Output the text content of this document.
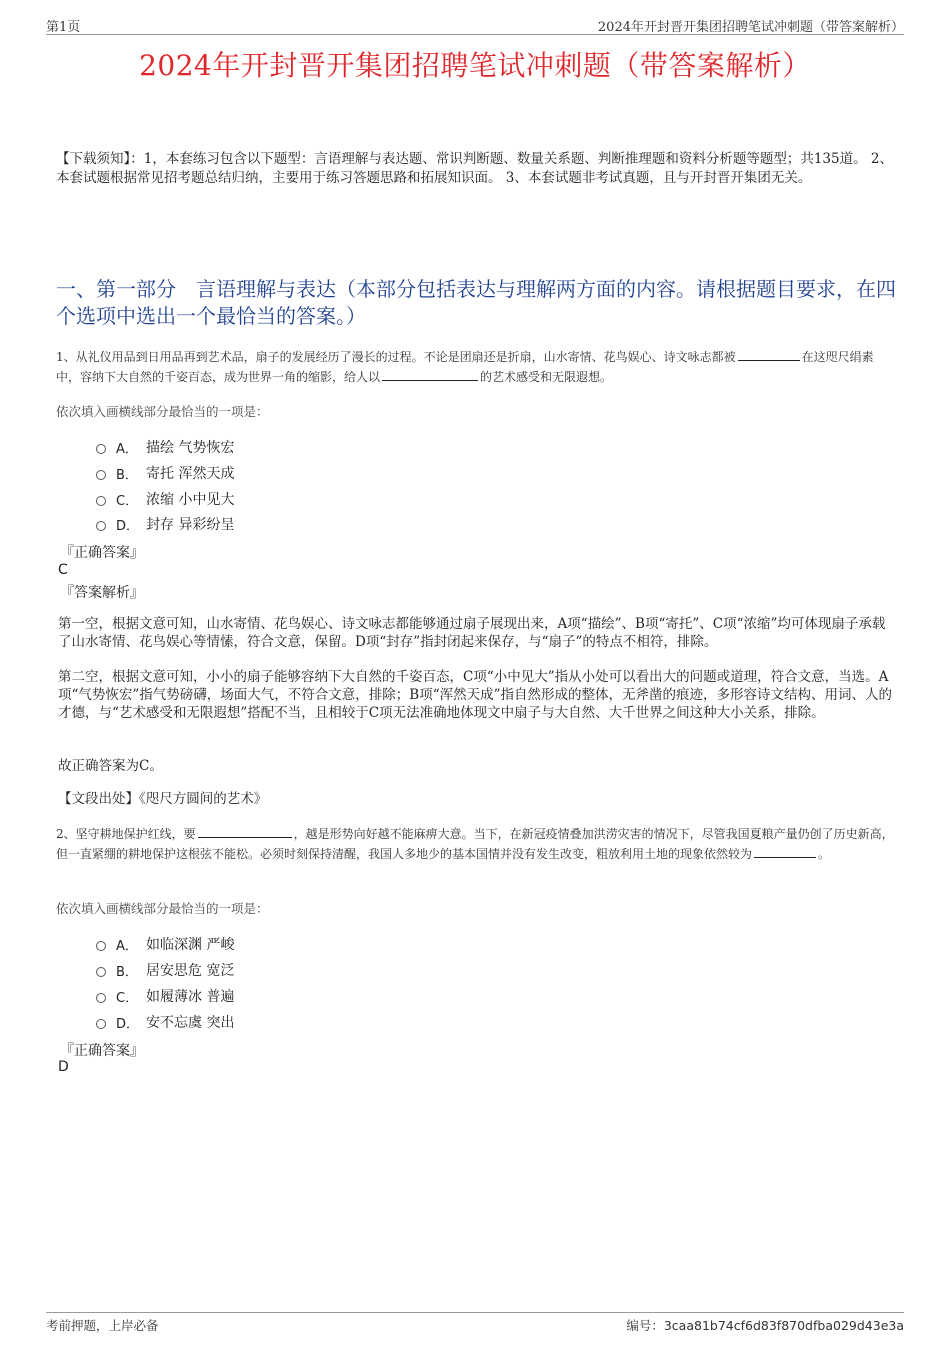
第1页	2024年开封晋开集团招聘笔试冲刺题（带答案解析）
2024年开封晋开集团招聘笔试冲刺题（带答案解析）
【下载须知】：1，本套练习包含以下题型：言语理解与表达题、常识判断题、数量关系题、判断推理题和资料分析题等题型；共135道。 2、本套试题根据常见招考题总结归纳，主要用于练习答题思路和拓展知识面。 3、本套试题非考试真题，且与开封晋开集团无关。
一、第一部分　言语理解与表达（本部分包括表达与理解两方面的内容。请根据题目要求，在四个选项中选出一个最恰当的答案。）
1、从礼仪用品到日用品再到艺术品，扇子的发展经历了漫长的过程。不论是团扇还是折扇，山水寄情、花鸟娱心、诗文咏志都被	在这咫尺绢素中，容纳下大自然的千姿百态，成为世界一角的缩影，给人以	的艺术感受和无限遐想。
依次填入画横线部分最恰当的一项是：
A． 描绘 气势恢宏
B． 寄托 浑然天成
C． 浓缩 小中见大
D． 封存 异彩纷呈
『正确答案』
C
『答案解析』
第一空，根据文意可知，山水寄情、花鸟娱心、诗文咏志都能够通过扇子展现出来，A项“描绘”、B项“寄托”、C项“浓缩”均可体现扇子承载了山水寄情、花鸟娱心等情愫，符合文意，保留。D项“封存”指封闭起来保存，与“扇子”的特点不相符，排除。
第二空，根据文意可知，小小的扇子能够容纳下大自然的千姿百态，C项“小中见大”指从小处可以看出大的问题或道理，符合文意，当选。A项“气势恢宏”指气势磅礴，场面大气，不符合文意，排除；B项“浑然天成”指自然形成的整体，无斧凿的痕迹，多形容诗文结构、用词、人的才德，与“艺术感受和无限遐想”搭配不当，且相较于C项无法准确地体现文中扇子与大自然、大千世界之间这种大小关系，排除。
故正确答案为C。
【文段出处】《咫尺方圆间的艺术》
2、坚守耕地保护红线，要	，越是形势向好越不能麻痹大意。当下，在新冠疫情叠加洪涝灾害的情况下，尽管我国夏粮产量仍创了历史新高，但一直紧绷的耕地保护这根弦不能松。必须时刻保持清醒，我国人多地少的基本国情并没有发生改变，粗放利用土地的现象依然较为	。
依次填入画横线部分最恰当的一项是：
A． 如临深渊 严峻
B． 居安思危 宽泛
C． 如履薄冰 普遍
D． 安不忘虞 突出
『正确答案』
D
考前押题，上岸必备	编号：3caa81b74cf6d83f870dfba029d43e3a
